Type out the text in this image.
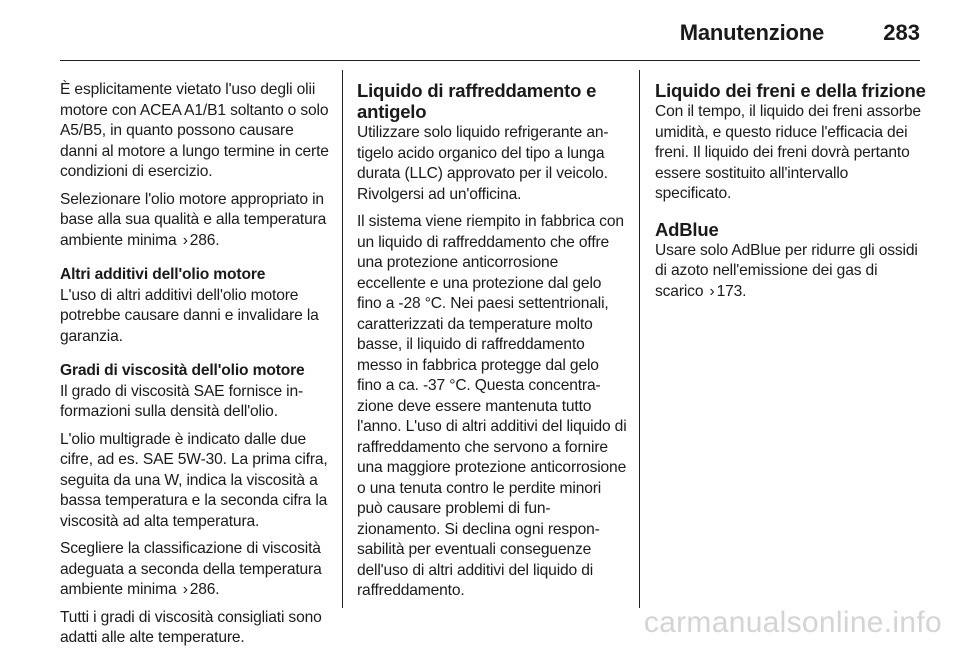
Manutenzione	283

È esplicitamente vietato l'uso degli olii motore con ACEA A1/B1 soltanto o solo A5/B5, in quanto possono causare danni al motore a lungo termine in certe condizioni di esercizio.

Selezionare l'olio motore appropriato in base alla sua qualità e alla temperatura ambiente minima › 286.

Altri additivi dell'olio motore

L'uso di altri additivi dell'olio motore potrebbe causare danni e invalidare la garanzia.

Gradi di viscosità dell'olio motore

Il grado di viscosità SAE fornisce informazioni sulla densità dell'olio.

L'olio multigrade è indicato dalle due cifre, ad es. SAE 5W-30. La prima cifra, seguita da una W, indica la viscosità a bassa temperatura e la seconda cifra la viscosità ad alta temperatura.

Scegliere la classificazione di viscosità adeguata a seconda della temperatura ambiente minima › 286.

Tutti i gradi di viscosità consigliati sono adatti alle alte temperature.

Liquido di raffreddamento e antigelo

Utilizzare solo liquido refrigerante antigelo acido organico del tipo a lunga durata (LLC) approvato per il veicolo. Rivolgersi ad un'officina.

Il sistema viene riempito in fabbrica con un liquido di raffreddamento che offre una protezione anticorrosione eccellente e una protezione dal gelo fino a -28 °C. Nei paesi settentrionali, caratterizzati da temperature molto basse, il liquido di raffreddamento messo in fabbrica protegge dal gelo fino a ca. -37 °C. Questa concentrazione deve essere mantenuta tutto l'anno. L'uso di altri additivi del liquido di raffreddamento che servono a fornire una maggiore protezione anticorrosione o una tenuta contro le perdite minori può causare problemi di funzionamento. Si declina ogni responsabilità per eventuali conseguenze dell'uso di altri additivi del liquido di raffreddamento.

Liquido dei freni e della frizione

Con il tempo, il liquido dei freni assorbe umidità, e questo riduce l'efficacia dei freni. Il liquido dei freni dovrà pertanto essere sostituito all'intervallo specificato.

AdBlue

Usare solo AdBlue per ridurre gli ossidi di azoto nell'emissione dei gas di scarico › 173.

carmanualsonline.info
